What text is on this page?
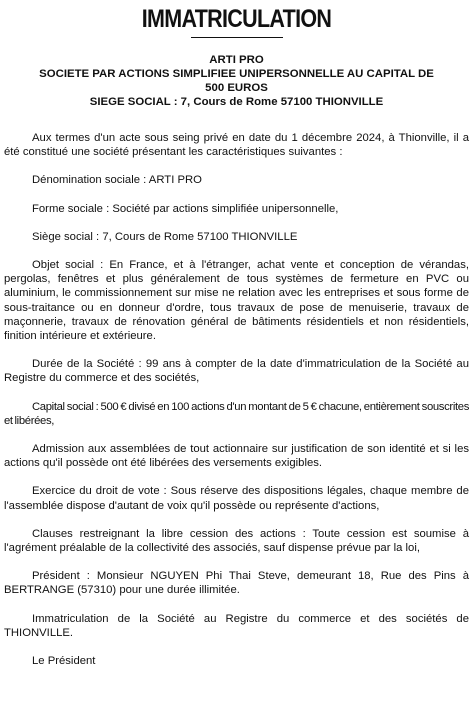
IMMATRICULATION
ARTI PRO
SOCIETE PAR ACTIONS SIMPLIFIEE UNIPERSONNELLE AU CAPITAL DE
500 EUROS
SIEGE SOCIAL : 7, Cours de Rome 57100 THIONVILLE

Aux termes d'un acte sous seing privé en date du 1 décembre 2024, à Thionville, il a été constitué une société présentant les caractéristiques suivantes :

Dénomination sociale : ARTI PRO

Forme sociale : Société par actions simplifiée unipersonnelle,

Siège social : 7, Cours de Rome 57100 THIONVILLE

Objet social : En France, et à l'étranger, achat vente et conception de vérandas, pergolas, fenêtres et plus généralement de tous systèmes de fermeture en PVC ou aluminium, le commissionnement sur mise ne relation avec les entreprises et sous forme de sous-traitance ou en donneur d'ordre, tous travaux de pose de menuiserie, travaux de maçonnerie, travaux de rénovation général de bâtiments résidentiels et non résidentiels, finition intérieure et extérieure.

Durée de la Société : 99 ans à compter de la date d'immatriculation de la Société au Registre du commerce et des sociétés,

Capital social : 500 € divisé en 100 actions d'un montant de 5 € chacune, entièrement souscrites et libérées,

Admission aux assemblées de tout actionnaire sur justification de son identité et si les actions qu'il possède ont été libérées des versements exigibles.

Exercice du droit de vote : Sous réserve des dispositions légales, chaque membre de l'assemblée dispose d'autant de voix qu'il possède ou représente d'actions,

Clauses restreignant la libre cession des actions : Toute cession est soumise à l'agrément préalable de la collectivité des associés, sauf dispense prévue par la loi,

Président : Monsieur NGUYEN Phi Thai Steve, demeurant 18, Rue des Pins à BERTRANGE (57310) pour une durée illimitée.

Immatriculation de la Société au Registre du commerce et des sociétés de THIONVILLE.

Le Président
